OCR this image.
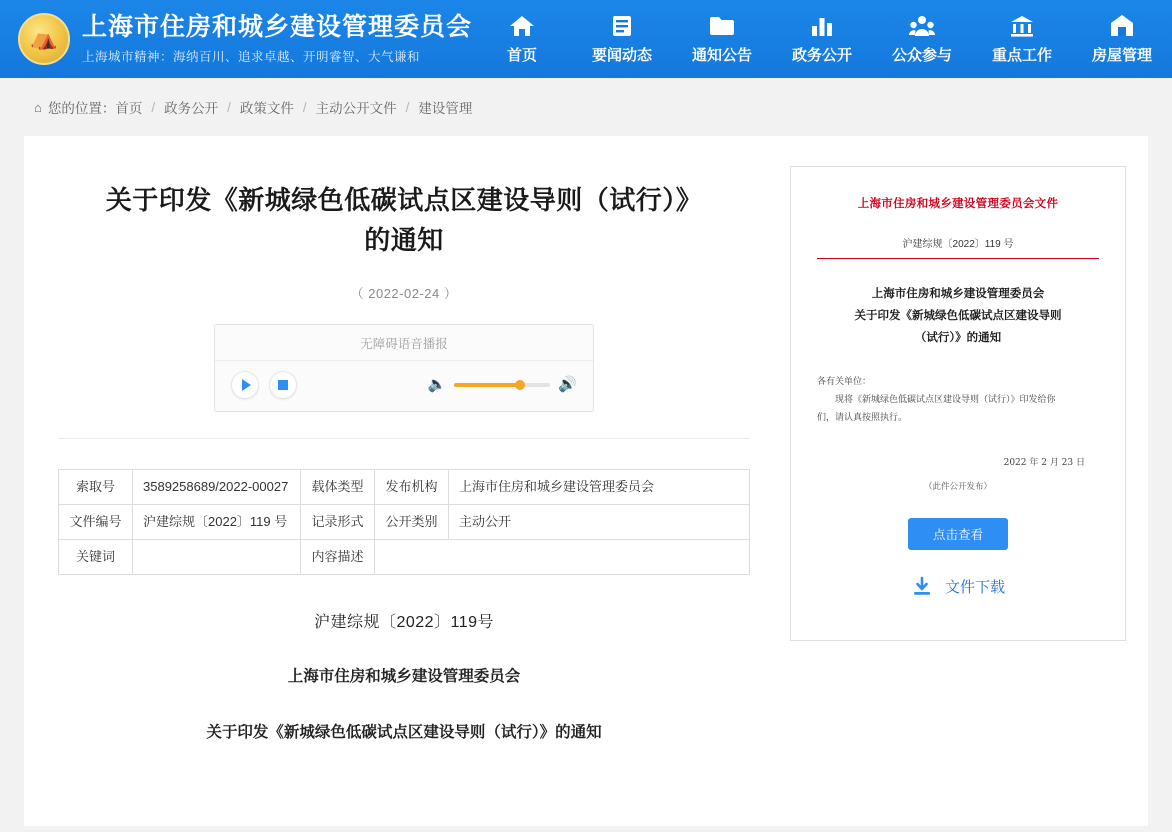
⛺ 上海市住房和城乡建设管理委员会
上海城市精神：海纳百川、追求卓越、开明睿智、大气谦和	首页	要闻动态	通知公告	政务公开	公众参与	重点工作	房屋管理
⌂ 您的位置： 首页 / 政务公开 / 政策文件 / 主动公开文件 / 建设管理
关于印发《新城绿色低碳试点区建设导则（试行）》的通知
（ 2022-02-24 ）
无障碍语音播报
🔈	🔊
索取号	3589258689/2022-00027	载体类型	发布机构	上海市住房和城乡建设管理委员会
文件编号	沪建综规〔2022〕119 号	记录形式	公开类别	主动公开
关键词		内容描述		
沪建综规〔2022〕119号
上海市住房和城乡建设管理委员会
关于印发《新城绿色低碳试点区建设导则（试行）》的通知
上海市住房和城乡建设管理委员会文件
沪建综规〔2022〕119 号
上海市住房和城乡建设管理委员会
关于印发《新城绿色低碳试点区建设导则
（试行）》的通知
各有关单位：
现将《新城绿色低碳试点区建设导则（试行）》印发给你
们，请认真按照执行。
2022 年 2 月 23 日
（此件公开发布）
点击查看
文件下载
